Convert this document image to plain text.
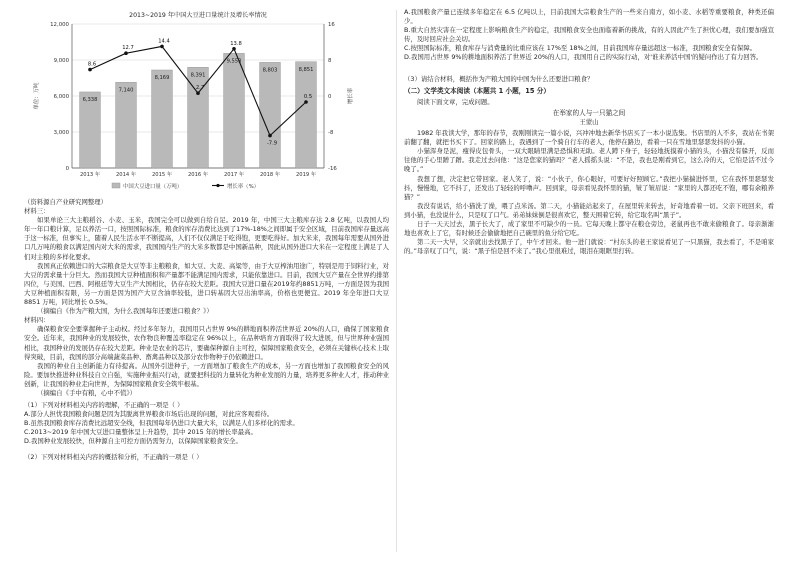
2013~2019 年中国大豆进口量统计及增长率情况
0
3,000
6,000
9,000
12,000
-16
-8
0
8
16
单位：万吨	增长率
6,338
7,140
8,169	8,391
9,553
8,803	8,851
2013 年	2014 年	2015 年	2016 年	2017 年	2018 年	2019 年
8.6
12.7
14.4
2.7
13.8
-7.9
0.5
中国大豆进口量（万吨）	增长率（%）

（资料源自产业研究网整理）

材料三：

如果单论三大主粮稻谷、小麦、玉米，我国完全可以做到自给自足。2019 年，中国三大主粮库存达 2.8 亿吨，以我国人均年一年口粮计算，足以养活一口，按照国际标准，粮食的库存消费比达到了17%-18%之间即属于安全区域，目前我国库存量远高于这一标准，但事实上，随着人民生活水平不断提高，人们不仅仅满足于吃得饱，更要吃得好。加大米来，我国每年需要从国外进口几万吨的粮食以满足国内对大米的需求，我国国内生产的大米多数都是中国新品种，因此从国外进口大米在一定程度上满足了人们对主粮的多样化要求。

我国真正依赖进口的大宗粮食是大豆等非主粮粮食，如大豆、大麦、高粱等，由于大豆榨油用途广，特别是用于饲料行业，对大豆的需求量十分巨大。然而我国大豆种植面积和产量都不能满足国内需求，只能依靠进口。目前，我国大豆产量在全世界约排第四位，与美国、巴西、阿根廷等大豆生产大国相比，仍存在较大差距。我国大豆进口量在2019年约8851万吨，一方面是因为我国大豆种植面积有限，另一方面是因为国产大豆含油率较低，进口转基因大豆出油率高，价格也更便宜。2019 年全年进口大豆 8851 万吨，同比增长 0.5%。

（摘编自《作为产粮大国，为什么我国每年还要进口粮食？》）

材料四：

确保粮食安全要掌握种子主动权。经过多年努力，我国用只占世界 9%的耕地面积养活世界近 20%的人口，确保了国家粮食安全。近年来，我国种业的发展较快，农作物良种覆盖率稳定在 96%以上，在品种培育方面取得了较大进展，但与世界种业强国相比，我国种业的发展仍存在较大差距。种业是农业的芯片，要确保种源自主可控，保障国家粮食安全，必须在关键核心技术上取得突破，目前，我国的部分高端蔬菜品种、畜禽品种以及部分农作物种子仍依赖进口。

我国的种业自主创新能力有待提高。从国外引进种子，一方面增加了粮食生产的成本，另一方面也增加了我国粮食安全的风险。要加快推进种业科技自立自强，实施种业振兴行动，就要把科技的力量转化为种业发展的力量，培养更多种业人才，推动种业创新，让我国的种业走向世界，为保障国家粮食安全筑牢根基。

（摘编自《手中有粮，心中不慌》）

（1）下列对材料相关内容的理解，不正确的一项是（ ）

A.部分人担忧我国粮食问题是因为其脱离世界粮食市场后出现的问题，对此应客观看待。

B.虽然我国粮食库存消费比远超安全线，但我国每年仍进口大量大米，以满足人们多样化的需求。

C.2013~2019 年中国大豆进口量整体呈上升趋势，其中 2015 年的增长率最高。

D.我国种业发展较快，但种源自主可控方面仍需努力，以保障国家粮食安全。

（2）下列对材料相关内容的概括和分析，不正确的一项是（ ）

A.我国粮食产量已连续多年稳定在 6.5 亿吨以上，目前我国大宗粮食生产的一些来自南方，如小麦、水稻等重要粮食，种类还偏少。

B.重大自然灾害在一定程度上影响粮食生产的稳定，我国粮食安全也面临着新的挑战，有的人因此产生了担忧心理，我们要加强宣传，及时回应社会关切。

C.按照国际标准，粮食库存与消费量的比重应该在 17%至 18%之间，目前我国库存量远超这一标准，我国粮食安全有保障。

D.我国用占世界 9%的耕地面积养活了世界近 20%的人口，我国用自己的实际行动，对'谁来养活中国'的疑问作出了有力回答。

（3）请结合材料，概括作为产粮大国的中国为什么还要进口粮食？

（二）文学类文本阅读（本题共 1 小题，15 分）

阅读下面文章，完成问题。

在举家的人与一只猫之间

王蒙山

1982 年我读大学，那年的春节，我刚刚读完一篇小说，兴冲冲地去新华书店买了一本小说选集。书店里的人不多，我站在书架前翻了翻，就把书买下了。回家的路上，我遇到了一个骑自行车的老人，他停在路边，看着一只在雪地里瑟瑟发抖的小猫。

小猫浑身是泥，瘦得皮包骨头，一双大眼睛里满是恐惧和无助。老人蹲下身子，轻轻地抚摸着小猫的头，小猫没有躲开，反而往他的手心里蹭了蹭。我走过去问他：“这是您家的猫吗？”老人摇摇头说：“不是，我也是刚看到它，这么冷的天，它怕是活不过今晚了。”

我想了想，决定把它带回家。老人笑了，说：“小伙子，你心眼好，可要好好照顾它。”我把小猫揣进怀里，它在我怀里瑟瑟发抖，慢慢地，它不抖了，还发出了轻轻的呼噜声。回到家，母亲看见我怀里的猫，皱了皱眉说：“家里的人都还吃不饱，哪有余粮养猫？”

我没有说话，给小猫洗了澡，喂了点米汤。第二天，小猫能站起来了，在屋里转来转去，好奇地看着一切。父亲下班回来，看到小猫，也没说什么，只是叹了口气。弟弟妹妹倒是很喜欢它，整天围着它转，给它取名叫“黑子”。

日子一天天过去，黑子长大了，成了家里不可缺少的一员。它每天晚上都守在粮仓旁边，老鼠再也不敢来偷粮食了。母亲渐渐地也喜欢上了它，有时候还会偷偷地把自己碗里的鱼分给它吃。

第二天一大早，父亲就出去找黑子了，中午才回来。他一进门就说：“村东头的老王家说看见了一只黑猫，我去看了，不是咱家的。”母亲叹了口气，说：“黑子怕是回不来了。”我心里很难过，眼泪在眼眶里打转。
